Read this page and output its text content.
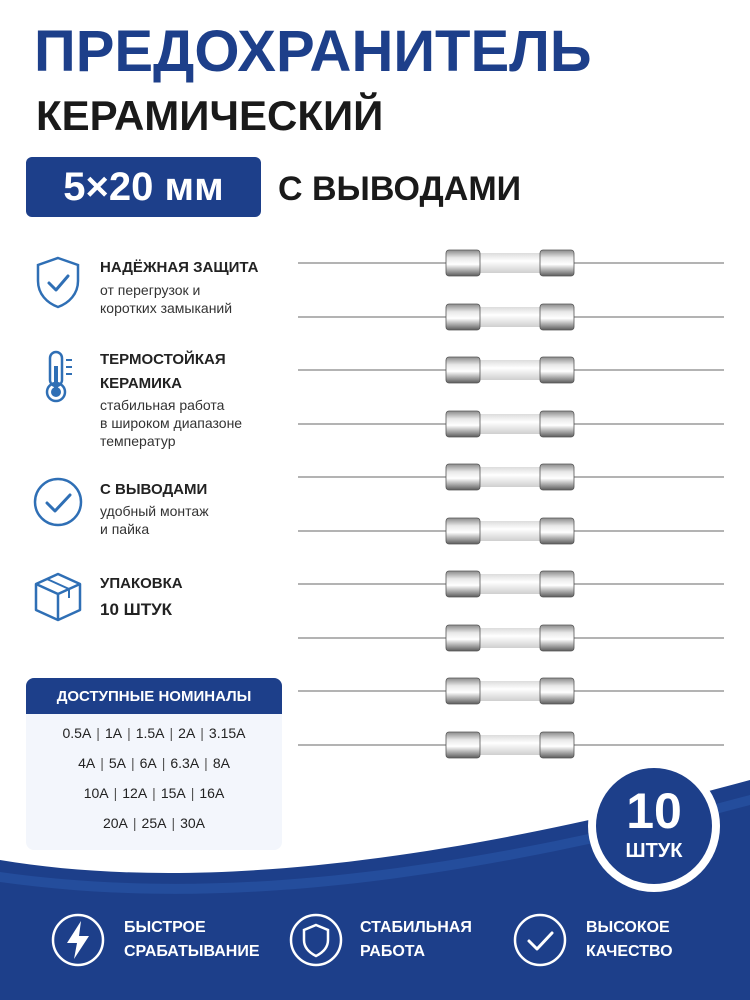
ПРЕДОХРАНИТЕЛЬ
КЕРАМИЧЕСКИЙ
5×20 мм	С ВЫВОДАМИ
НАДЁЖНАЯ ЗАЩИТА
от перегрузок и
коротких замыканий
ТЕРМОСТОЙКАЯ
КЕРАМИКА
стабильная работа
в широком диапазоне
температур
С ВЫВОДАМИ
удобный монтаж
и пайка
УПАКОВКА
10 ШТУК
ДОСТУПНЫЕ НОМИНАЛЫ
0.5A | 1A | 1.5A | 2A | 3.15A
4A | 5A | 6A | 6.3A | 8A
10A | 12A | 15A | 16A
20A | 25A | 30A	10
ШТУК
БЫСТРОЕ
СРАБАТЫВАНИЕ
СТАБИЛЬНАЯ
РАБОТА
ВЫСОКОЕ
КАЧЕСТВО
